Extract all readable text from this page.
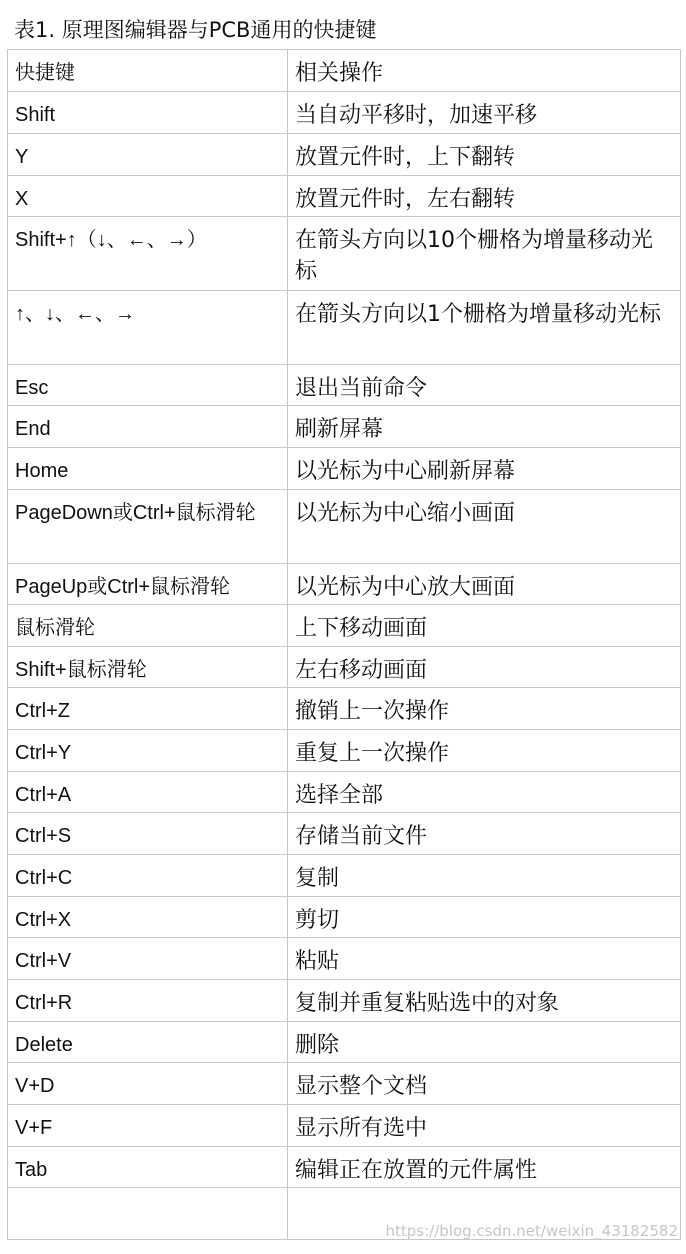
表1. 原理图编辑器与PCB通用的快捷键
快捷键	相关操作
Shift	当自动平移时，加速平移
Y	放置元件时，上下翻转
X	放置元件时，左右翻转
Shift+↑（↓、←、→）	在箭头方向以10个栅格为增量移动光标
↑、↓、←、→	在箭头方向以1个栅格为增量移动光标
Esc	退出当前命令
End	刷新屏幕
Home	以光标为中心刷新屏幕
PageDown或Ctrl+鼠标滑轮	以光标为中心缩小画面
PageUp或Ctrl+鼠标滑轮	以光标为中心放大画面
鼠标滑轮	上下移动画面
Shift+鼠标滑轮	左右移动画面
Ctrl+Z	撤销上一次操作
Ctrl+Y	重复上一次操作
Ctrl+A	选择全部
Ctrl+S	存储当前文件
Ctrl+C	复制
Ctrl+X	剪切
Ctrl+V	粘贴
Ctrl+R	复制并重复粘贴选中的对象
Delete	删除
V+D	显示整个文档
V+F	显示所有选中
Tab	编辑正在放置的元件属性

https://blog.csdn.net/weixin_43182582
